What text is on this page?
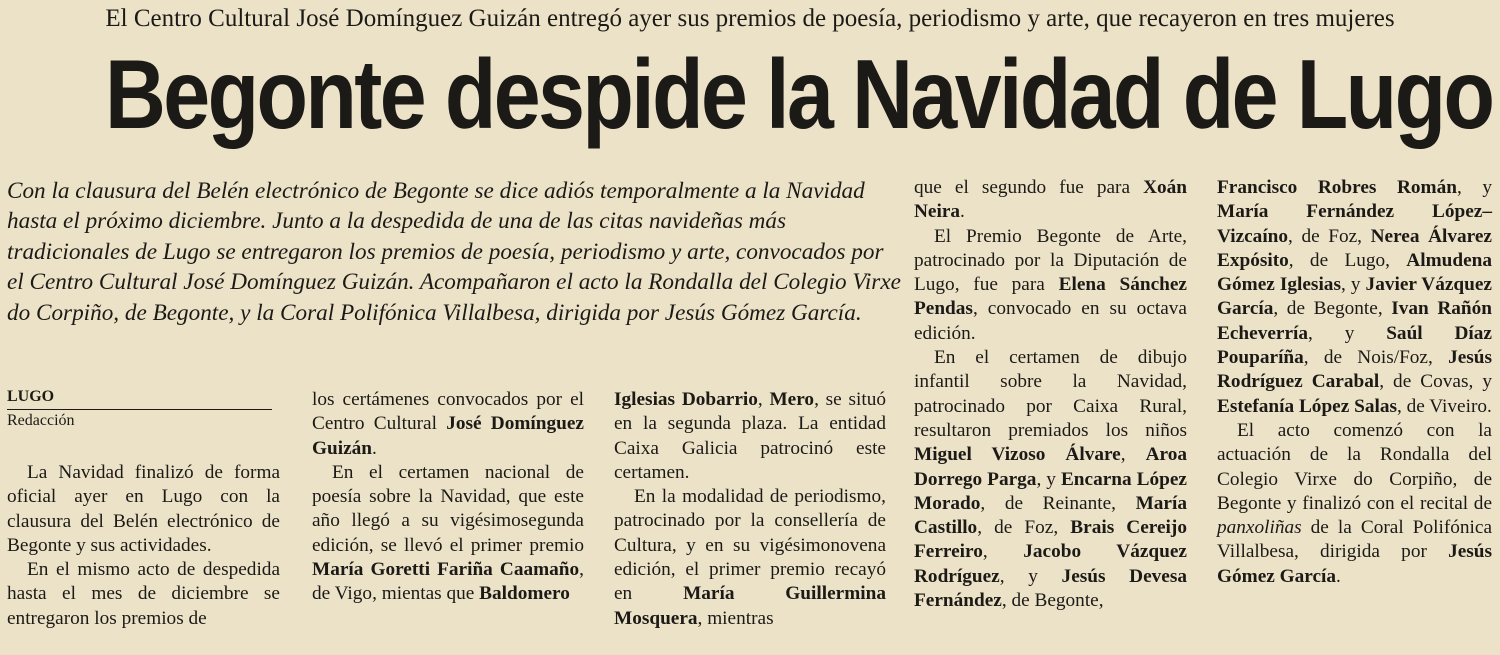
El Centro Cultural José Domínguez Guizán entregó ayer sus premios de poesía, periodismo y arte, que recayeron en tres mujeres
Begonte despide la Navidad de Lugo
Con la clausura del Belén electrónico de Begonte se dice adiós temporalmente a la Navidad hasta el próximo diciembre. Junto a la despedida de una de las citas navideñas más tradicionales de Lugo se entregaron los premios de poesía, periodismo y arte, convocados por el Centro Cultural José Domínguez Guizán. Acompañaron el acto la Rondalla del Colegio Virxe do Corpiño, de Begonte, y la Coral Polifónica Villalbesa, dirigida por Jesús Gómez García.
LUGO
Redacción

La Navidad finalizó de forma oficial ayer en Lugo con la clausura del Belén electrónico de Begonte y sus actividades.

En el mismo acto de despedida hasta el mes de diciembre se entregaron los premios de

los certámenes convocados por el Centro Cultural José Domínguez Guizán.

En el certamen nacional de poesía sobre la Navidad, que este año llegó a su vigésimosegunda edición, se llevó el primer premio María Goretti Fariña Caamaño, de Vigo, mientas que Baldomero

Iglesias Dobarrio, Mero, se situó en la segunda plaza. La entidad Caixa Galicia patrocinó este certamen.

En la modalidad de periodismo, patrocinado por la consellería de Cultura, y en su vigésimonovena edición, el primer premio recayó en María Guillermina Mosquera, mientras

que el segundo fue para Xoán Neira.

El Premio Begonte de Arte, patrocinado por la Diputación de Lugo, fue para Elena Sánchez Pendas, convocado en su octava edición.

En el certamen de dibujo infantil sobre la Navidad, patrocinado por Caixa Rural, resultaron premiados los niños Miguel Vizoso Álvare, Aroa Dorrego Parga, y Encarna López Morado, de Reinante, María Castillo, de Foz, Brais Cereijo Ferreiro, Jacobo Vázquez Rodríguez, y Jesús Devesa Fernández, de Begonte,

Francisco Robres Román, y María Fernández López–Vizcaíno, de Foz, Nerea Álvarez Expósito, de Lugo, Almudena Gómez Iglesias, y Javier Vázquez García, de Begonte, Ivan Rañón Echeverría, y Saúl Díaz Pouparíña, de Nois/Foz, Jesús Rodríguez Carabal, de Covas, y Estefanía López Salas, de Viveiro.

El acto comenzó con la actuación de la Rondalla del Colegio Virxe do Corpiño, de Begonte y finalizó con el recital de panxoliñas de la Coral Polifónica Villalbesa, dirigida por Jesús Gómez García.
